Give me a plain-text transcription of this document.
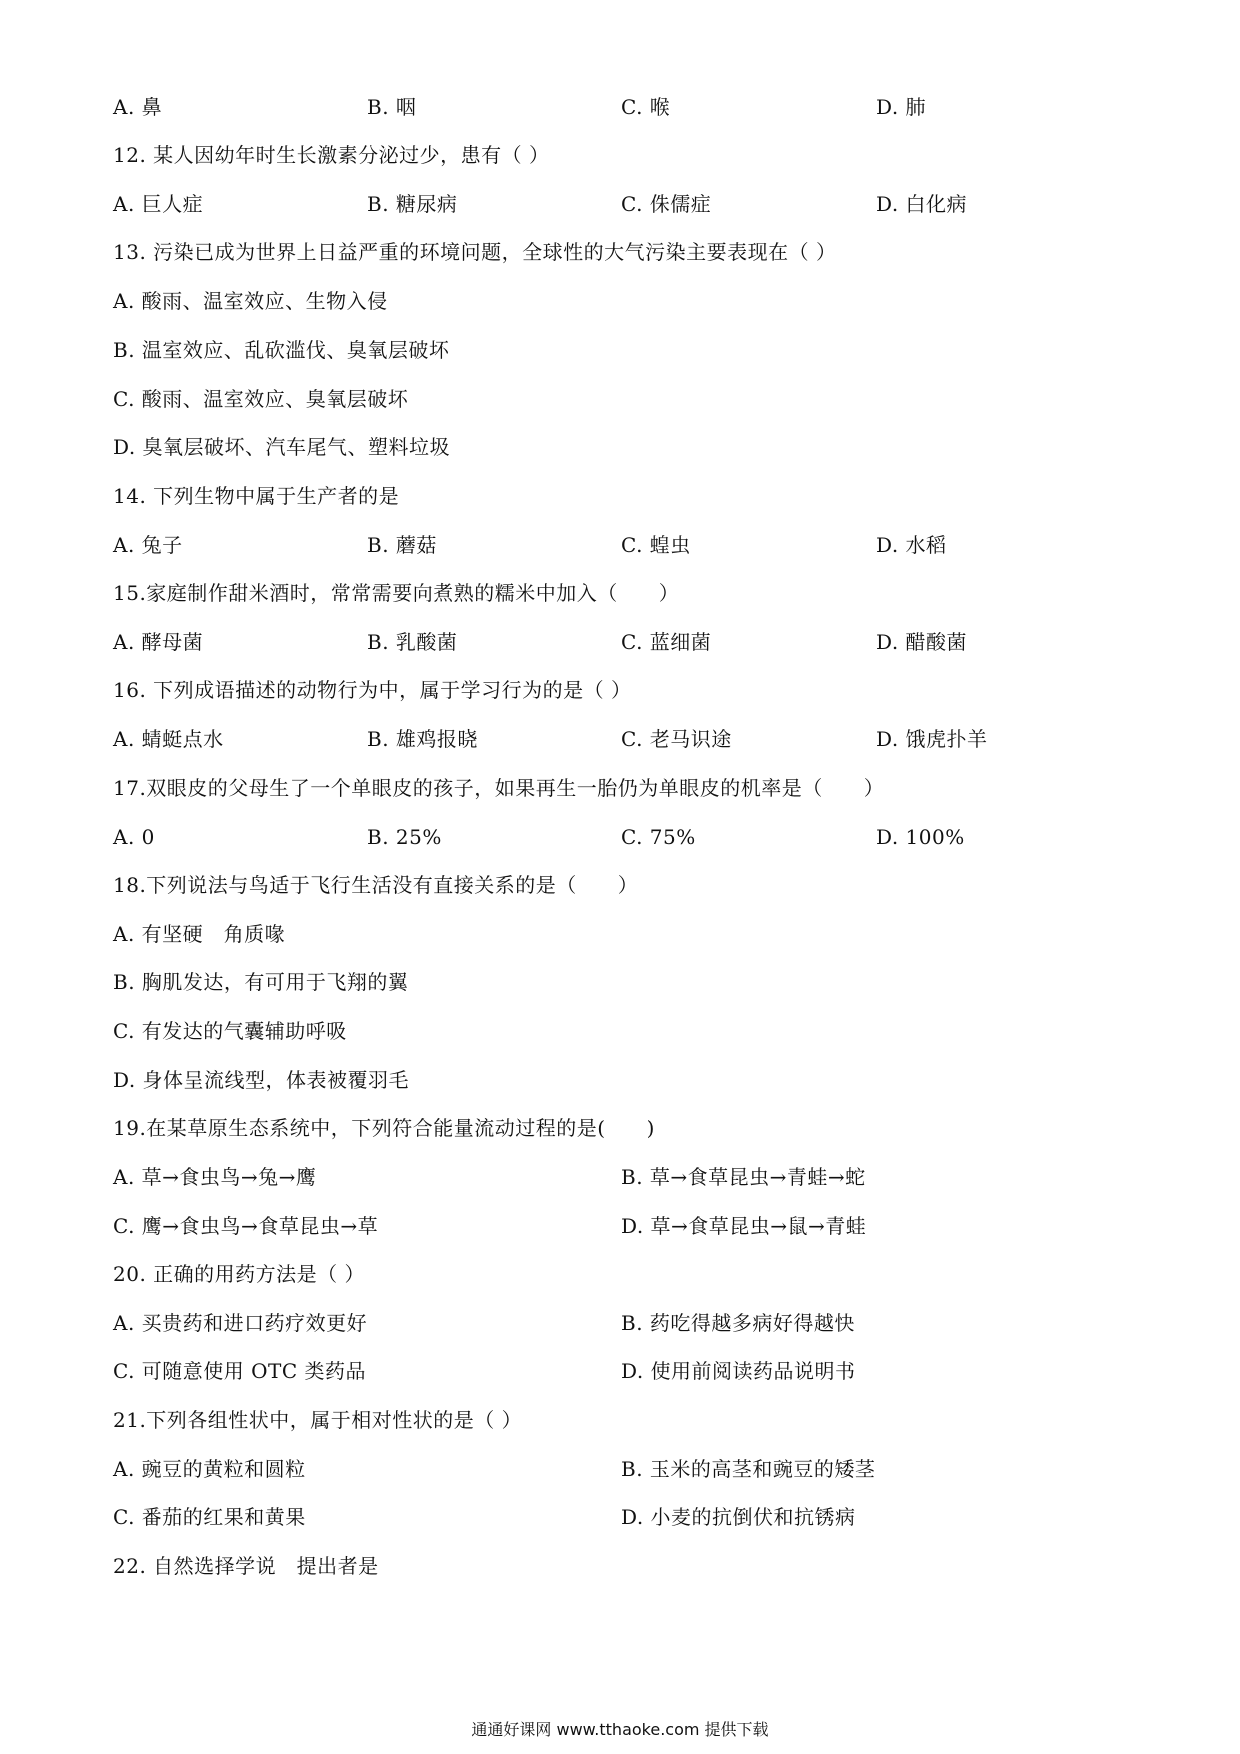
A. 鼻	B. 咽	C. 喉	D. 肺
12. 某人因幼年时生长激素分泌过少，患有（ ）
A. 巨人症	B. 糖尿病	C. 侏儒症	D. 白化病
13. 污染已成为世界上日益严重的环境问题，全球性的大气污染主要表现在（ ）
A. 酸雨、温室效应、生物入侵
B. 温室效应、乱砍滥伐、臭氧层破坏
C. 酸雨、温室效应、臭氧层破坏
D. 臭氧层破坏、汽车尾气、塑料垃圾
14. 下列生物中属于生产者的是
A. 兔子	B. 蘑菇	C. 蝗虫	D. 水稻
15.家庭制作甜米酒时，常常需要向煮熟的糯米中加入（　　）
A. 酵母菌	B. 乳酸菌	C. 蓝细菌	D. 醋酸菌
16. 下列成语描述的动物行为中，属于学习行为的是（ ）
A. 蜻蜓点水	B. 雄鸡报晓	C. 老马识途	D. 饿虎扑羊
17.双眼皮的父母生了一个单眼皮的孩子，如果再生一胎仍为单眼皮的机率是（　　）
A. 0	B. 25%	C. 75%	D. 100%
18.下列说法与鸟适于飞行生活没有直接关系的是（　　）
A. 有坚硬　角质喙
B. 胸肌发达，有可用于飞翔的翼
C. 有发达的气囊辅助呼吸
D. 身体呈流线型，体表被覆羽毛
19.在某草原生态系统中，下列符合能量流动过程的是(　　)
A. 草→食虫鸟→兔→鹰	B. 草→食草昆虫→青蛙→蛇
C. 鹰→食虫鸟→食草昆虫→草	D. 草→食草昆虫→鼠→青蛙
20. 正确的用药方法是（ ）
A. 买贵药和进口药疗效更好	B. 药吃得越多病好得越快
C. 可随意使用 OTC 类药品	D. 使用前阅读药品说明书
21.下列各组性状中，属于相对性状的是（ ）
A. 豌豆的黄粒和圆粒	B. 玉米的高茎和豌豆的矮茎
C. 番茄的红果和黄果	D. 小麦的抗倒伏和抗锈病
22. 自然选择学说　提出者是
通通好课网 www.tthaoke.com 提供下载
